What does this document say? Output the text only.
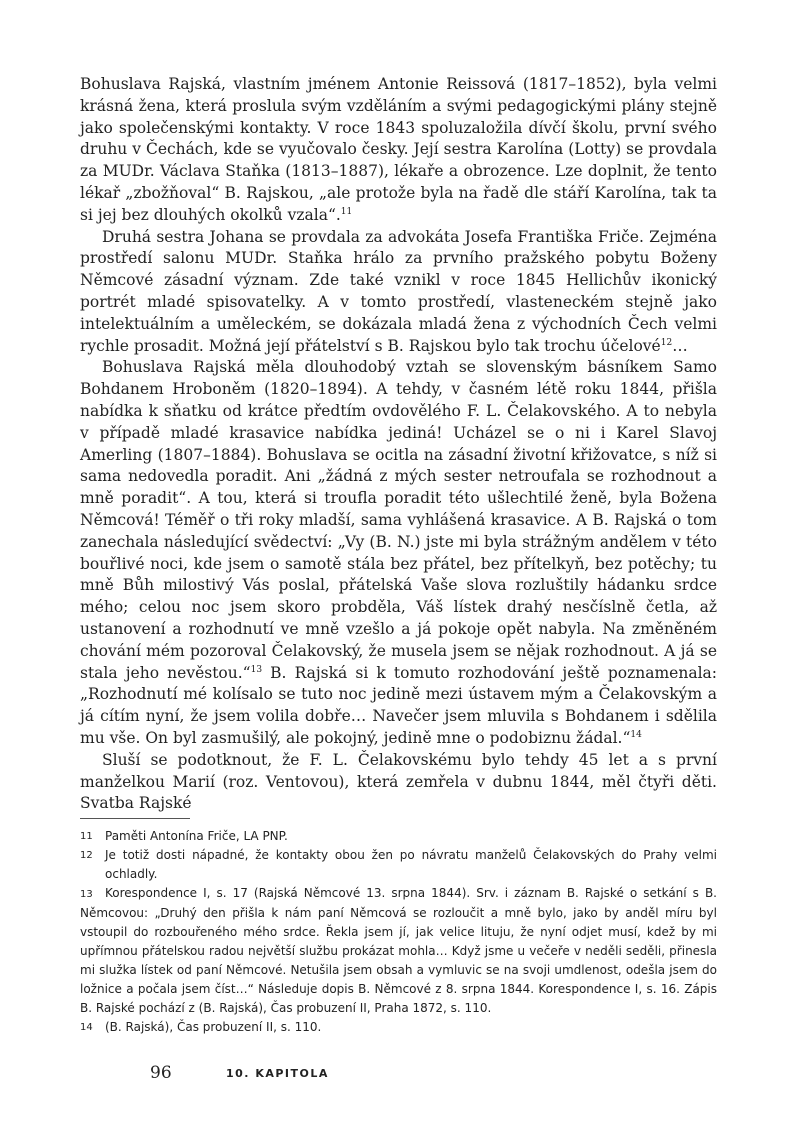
Bohuslava Rajská, vlastním jménem Antonie Reissová (1817–1852), byla velmi krásná žena, která proslula svým vzděláním a svými pedagogickými plány stejně jako společenskými kontakty. V roce 1843 spoluzaložila dívčí školu, první svého druhu v Čechách, kde se vyučovalo česky. Její sestra Karolína (Lotty) se provdala za MUDr. Václava Staňka (1813–1887), lékaře a obrozence. Lze doplnit, že tento lékař „zbožňoval“ B. Rajskou, „ale protože byla na řadě dle stáří Karolína, tak ta si jej bez dlouhých okolků vzala“.$^{11}$

Druhá sestra Johana se provdala za advokáta Josefa Františka Friče. Zejména prostředí salonu MUDr. Staňka hrálo za prvního pražského pobytu Boženy Němcové zásadní význam. Zde také vznikl v roce 1845 Hellichův ikonický portrét mladé spisovatelky. A v tomto prostředí, vlasteneckém stejně jako intelektuálním a uměleckém, se dokázala mladá žena z východních Čech velmi rychle prosadit. Možná její přátelství s B. Rajskou bylo tak trochu účelové$^{12}$…

Bohuslava Rajská měla dlouhodobý vztah se slovenským básníkem Samo Bohdanem Hroboněm (1820–1894). A tehdy, v časném létě roku 1844, přišla nabídka k sňatku od krátce předtím ovdovělého F. L. Čelakovského. A to nebyla v případě mladé krasavice nabídka jediná! Ucházel se o ni i Karel Slavoj Amerling (1807–1884). Bohuslava se ocitla na zásadní životní křižovatce, s níž si sama nedovedla poradit. Ani „žádná z mých sester netroufala se rozhodnout a mně poradit“. A tou, která si troufla poradit této ušlechtilé ženě, byla Božena Němcová! Téměř o tři roky mladší, sama vyhlášená krasavice. A B. Rajská o tom zanechala následující svědectví: „Vy (B. N.) jste mi byla strážným andělem v této bouřlivé noci, kde jsem o samotě stála bez přátel, bez přítelkyň, bez potěchy; tu mně Bůh milostivý Vás poslal, přátelská Vaše slova rozluštily hádanku srdce mého; celou noc jsem skoro probděla, Váš lístek drahý nesčíslně četla, až ustanovení a rozhodnutí ve mně vzešlo a já pokoje opět nabyla. Na změněném chování mém pozoroval Čelakovský, že musela jsem se nějak rozhodnout. A já se stala jeho nevěstou.“$^{13}$ B. Rajská si k tomuto rozhodování ještě poznamenala: „Rozhodnutí mé kolísalo se tuto noc jedině mezi ústavem mým a Čelakovským a já cítím nyní, že jsem volila dobře… Navečer jsem mluvila s Bohdanem i sdělila mu vše. On byl zasmušilý, ale pokojný, jedině mne o podobiznu žádal.“$^{14}$

Sluší se podotknout, že F. L. Čelakovskému bylo tehdy 45 let a s první manželkou Marií (roz. Ventovou), která zemřela v dubnu 1844, měl čtyři děti. Svatba Rajské

11 Paměti Antonína Friče, LA PNP.

12 Je totiž dosti nápadné, že kontakty obou žen po návratu manželů Čelakovských do Prahy velmi ochladly.

13 Korespondence I, s. 17 (Rajská Němcové 13. srpna 1844). Srv. i záznam B. Rajské o setkání s B. Němcovou: „Druhý den přišla k nám paní Němcová se rozloučit a mně bylo, jako by anděl míru byl vstoupil do rozbouřeného mého srdce. Řekla jsem jí, jak velice lituju, že nyní odjet musí, kdež by mi upřímnou přátelskou radou největší službu prokázat mohla… Když jsme u večeře v neděli seděli, přinesla mi služka lístek od paní Němcové. Netušila jsem obsah a vymluvic se na svoji umdlenost, odešla jsem do ložnice a počala jsem číst…“ Následuje dopis B. Němcové z 8. srpna 1844. Korespondence I, s. 16. Zápis B. Rajské pochází z (B. Rajská), Čas probuzení II, Praha 1872, s. 110.

14 (B. Rajská), Čas probuzení II, s. 110.

96	10. KAPITOLA
